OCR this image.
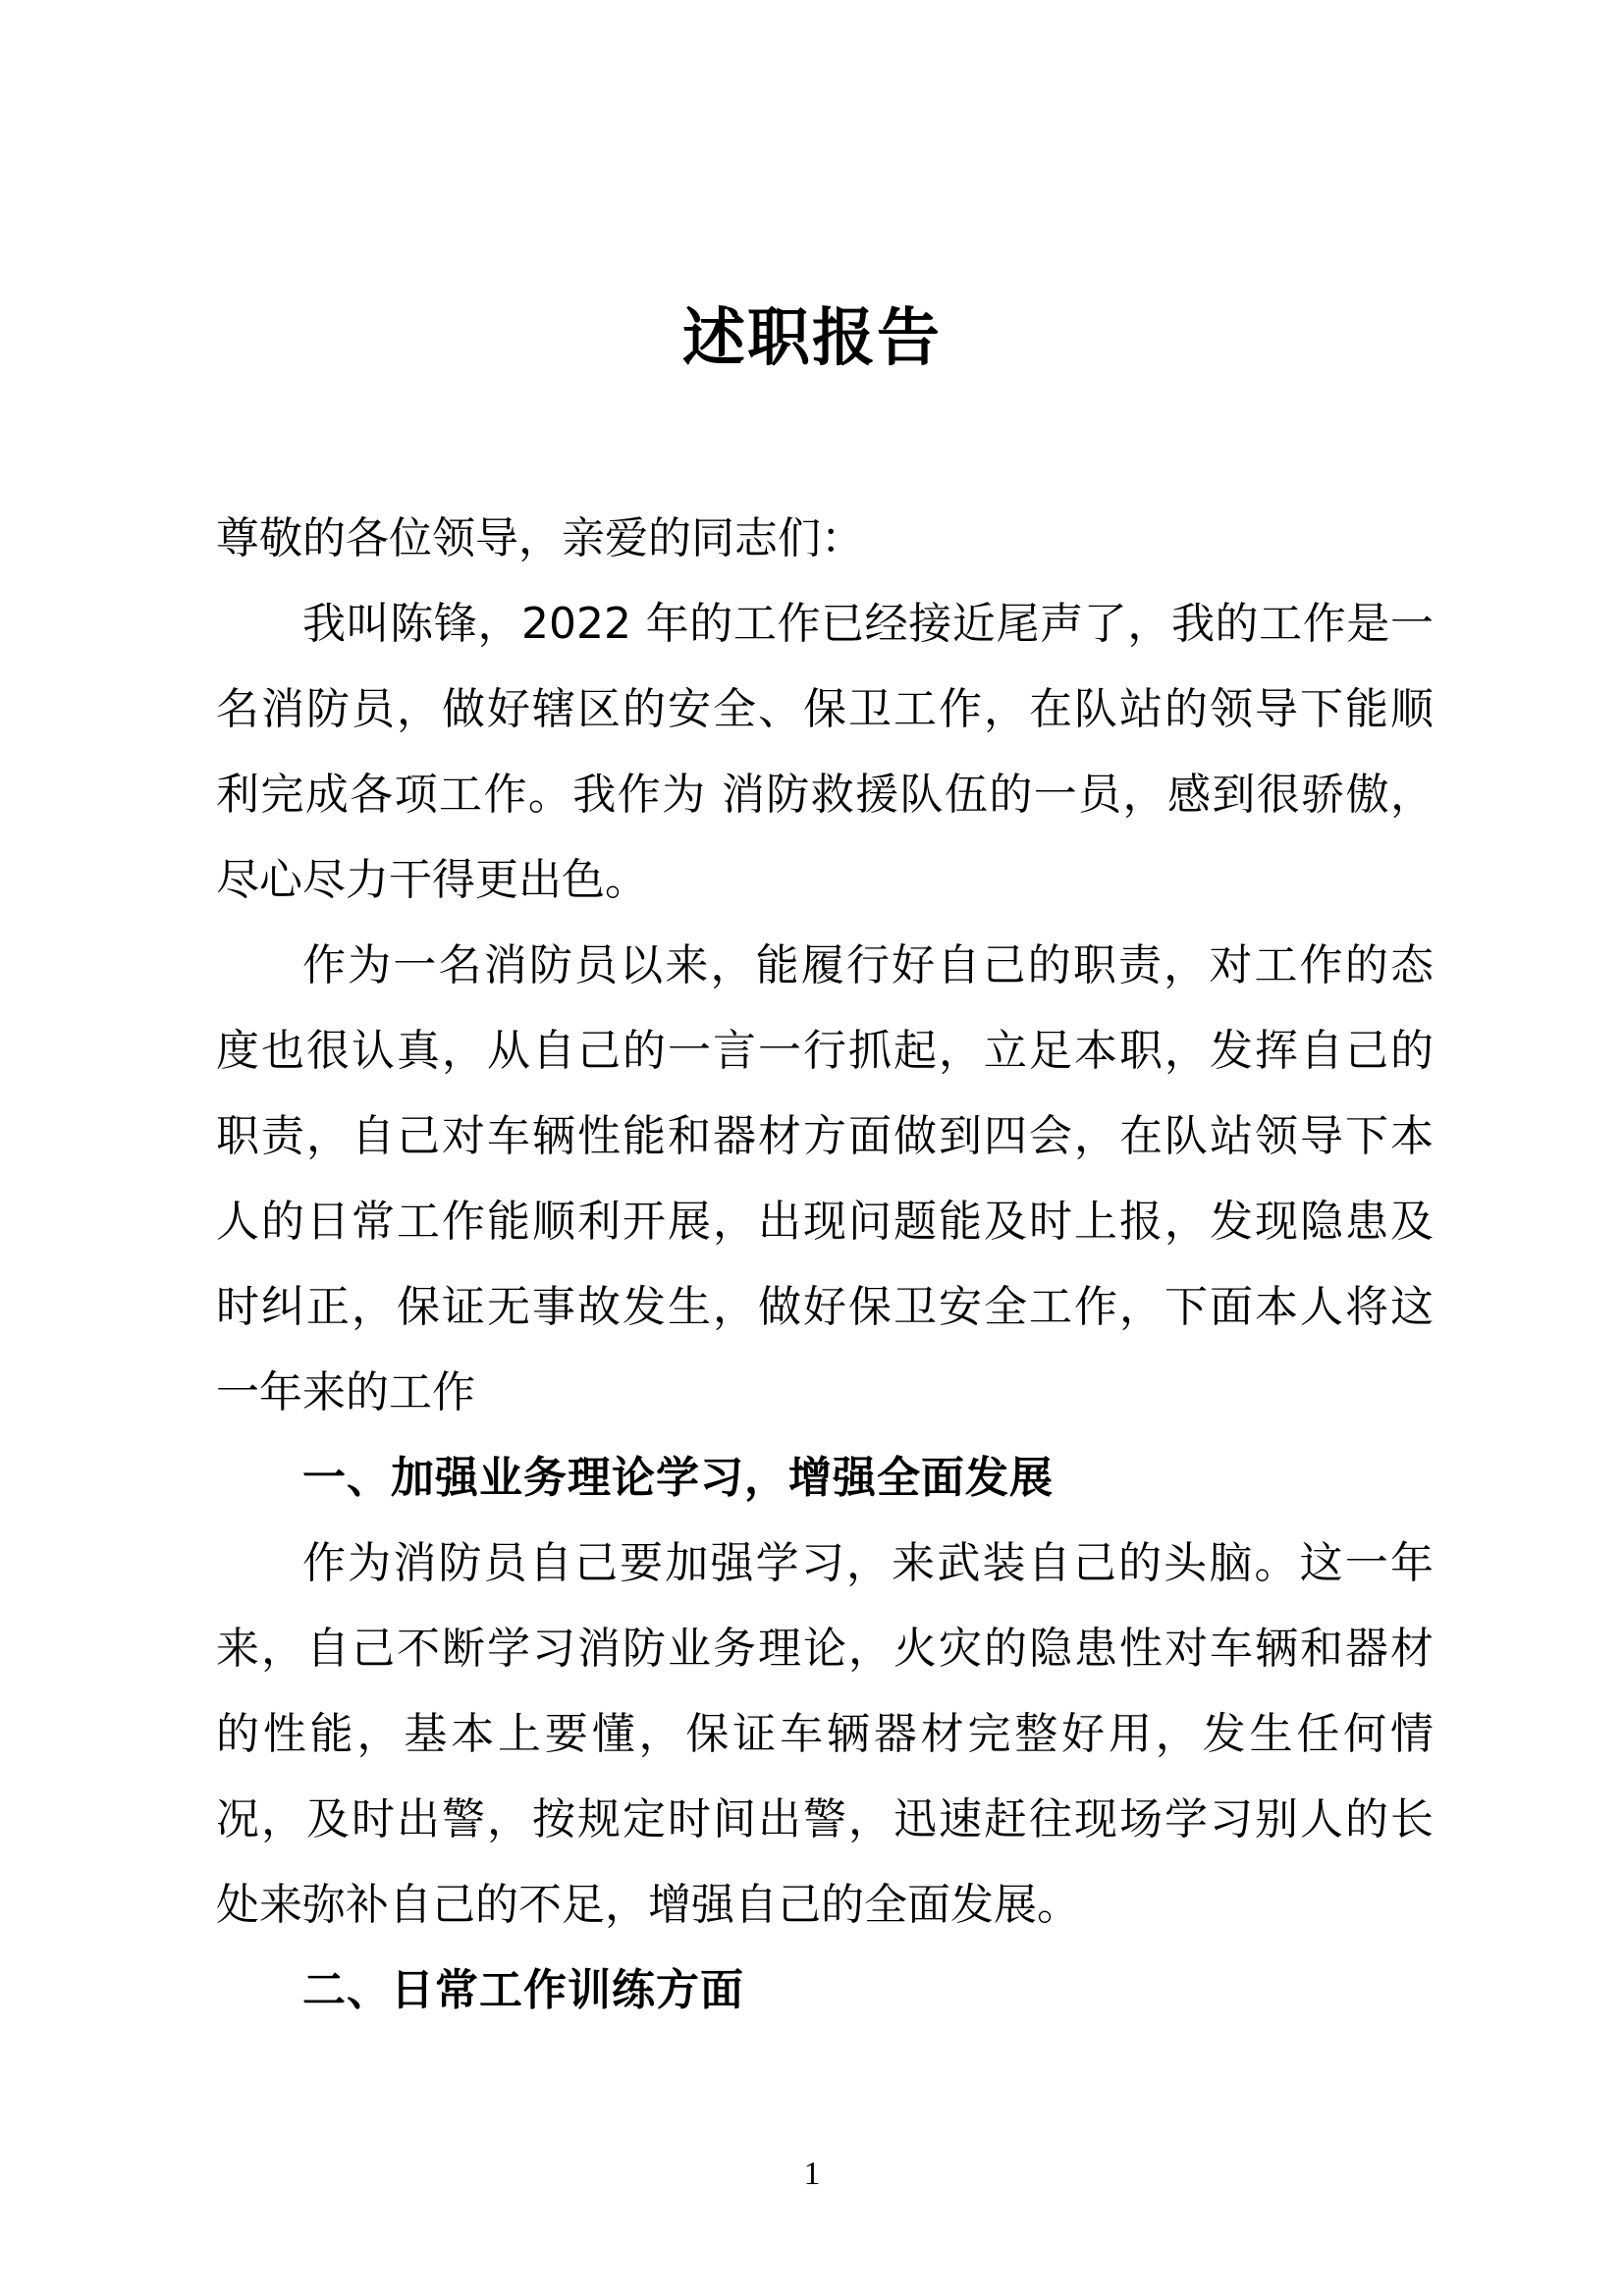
述职报告
尊敬的各位领导，亲爱的同志们：
我叫陈锋，2022 年的工作已经接近尾声了，我的工作是一
名消防员，做好辖区的安全、保卫工作，在队站的领导下能顺
利完成各项工作。我作为 消防救援队伍的一员，感到很骄傲，
尽心尽力干得更出色。
作为一名消防员以来，能履行好自己的职责，对工作的态
度也很认真，从自己的一言一行抓起，立足本职，发挥自己的
职责，自己对车辆性能和器材方面做到四会，在队站领导下本
人的日常工作能顺利开展，出现问题能及时上报，发现隐患及
时纠正，保证无事故发生，做好保卫安全工作，下面本人将这
一年来的工作
一、加强业务理论学习，增强全面发展
作为消防员自己要加强学习，来武装自己的头脑。这一年
来，自己不断学习消防业务理论，火灾的隐患性对车辆和器材
的性能，基本上要懂，保证车辆器材完整好用，发生任何情
况，及时出警，按规定时间出警，迅速赶往现场学习别人的长
处来弥补自己的不足，增强自己的全面发展。
二、日常工作训练方面
1
